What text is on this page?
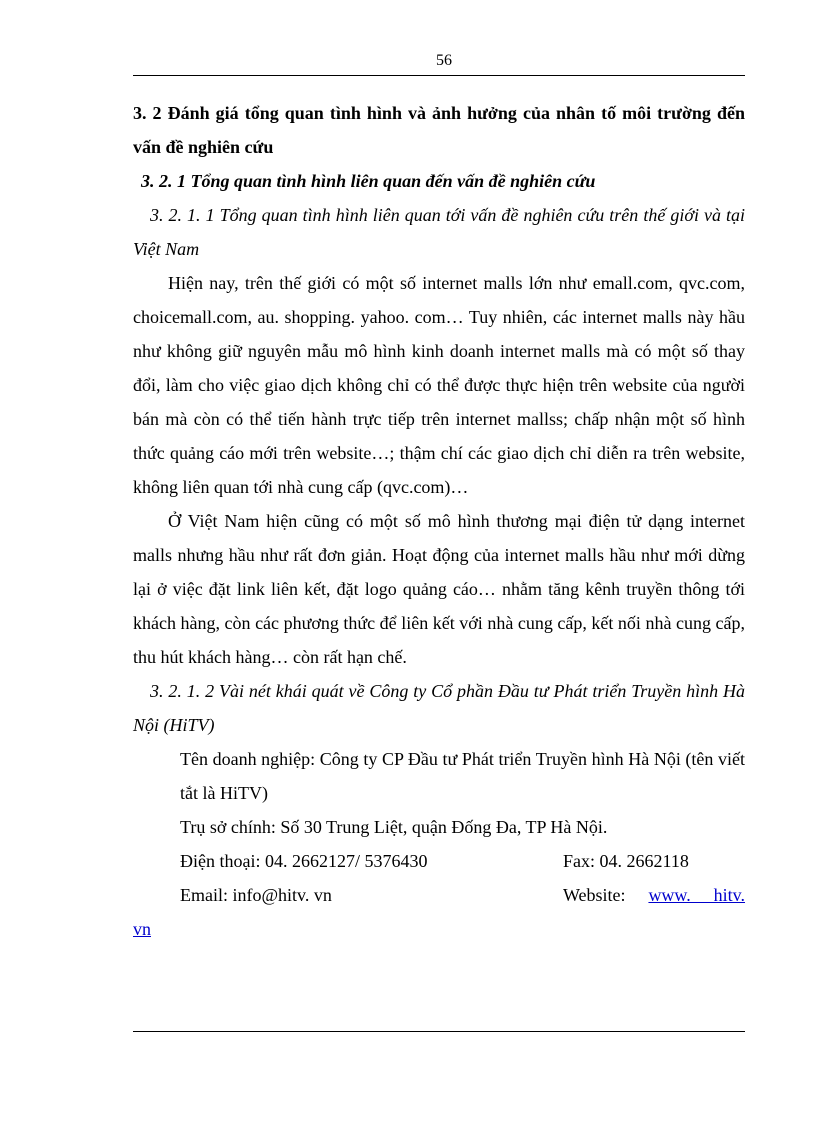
56

3. 2 Đánh giá tổng quan tình hình và ảnh hưởng của nhân tố môi trường đến vấn đề nghiên cứu

3. 2. 1 Tổng quan tình hình liên quan đến vấn đề nghiên cứu

3. 2. 1. 1 Tổng quan tình hình liên quan tới vấn đề nghiên cứu trên thế giới và tại Việt Nam

Hiện nay, trên thế giới có một số internet malls lớn như emall.com, qvc.com, choicemall.com, au. shopping. yahoo. com… Tuy nhiên, các internet malls này hầu như không giữ nguyên mẫu mô hình kinh doanh internet malls mà có một số thay đổi, làm cho việc giao dịch không chỉ có thể được thực hiện trên website của người bán mà còn có thể tiến hành trực tiếp trên internet mallss; chấp nhận một số hình thức quảng cáo mới trên website…; thậm chí các giao dịch chỉ diễn ra trên website, không liên quan tới nhà cung cấp (qvc.com)…

Ở Việt Nam hiện cũng có một số mô hình thương mại điện tử dạng internet malls nhưng hầu như rất đơn giản. Hoạt động của internet malls hầu như mới dừng lại ở việc đặt link liên kết, đặt logo quảng cáo… nhằm tăng kênh truyền thông tới khách hàng, còn các phương thức để liên kết với nhà cung cấp, kết nối nhà cung cấp, thu hút khách hàng… còn rất hạn chế.

3. 2. 1. 2 Vài nét khái quát về Công ty Cổ phần Đầu tư Phát triển Truyền hình Hà Nội (HiTV)

Tên doanh nghiệp: Công ty CP Đầu tư Phát triển Truyền hình Hà Nội (tên viết tắt là HiTV)

Trụ sở chính: Số 30 Trung Liệt, quận Đống Đa, TP Hà Nội.

Điện thoại: 04. 2662127/ 5376430	Fax: 04. 2662118
Email: info@hitv. vn	Website: www. hitv.

vn
